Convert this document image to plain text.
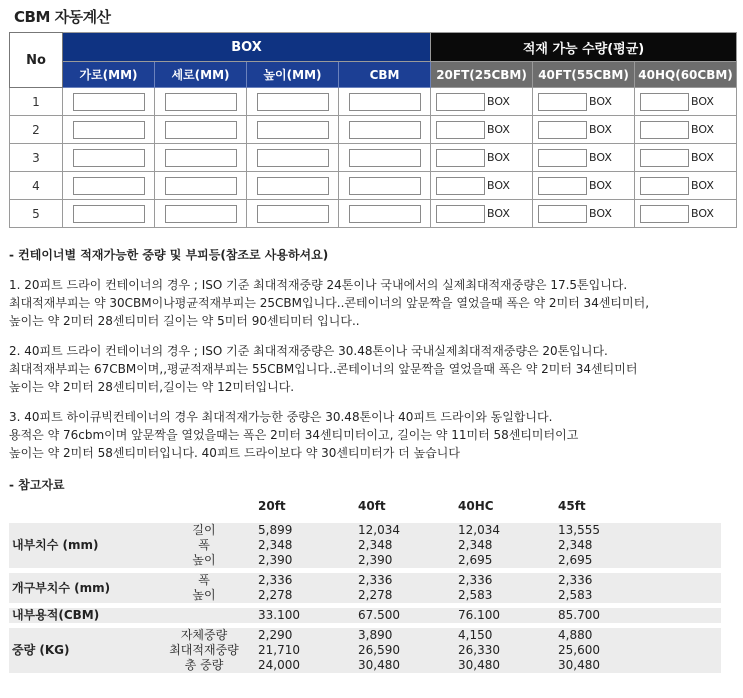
CBM 자동계산
No	BOX				적재 가능 수량(평균)		
	가로(MM)	세로(MM)	높이(MM)	CBM	20FT(25CBM)	40FT(55CBM)	40HQ(60CBM)
1					BOX	BOX	BOX
2					BOX	BOX	BOX
3					BOX	BOX	BOX
4					BOX	BOX	BOX
5					BOX	BOX	BOX
- 컨테이너별 적재가능한 중량 및 부피등(참조로 사용하셔요)
1. 20피트 드라이 컨테이너의 경우 ; ISO 기준 최대적재중량 24톤이나 국내에서의 실제최대적재중량은 17.5톤입니다.
최대적재부피는 약 30CBM이나평균적재부피는 25CBM입니다..콘테이너의 앞문짝을 열었을때 폭은 약 2미터 34센티미터,
높이는 약 2미터 28센티미터 길이는 약 5미터 90센티미터 입니다..
2. 40피트 드라이 컨테이너의 경우 ; ISO 기준 최대적재중량은 30.48톤이나 국내실제최대적재중량은 20톤입니다.
최대적재부피는 67CBM이며,,평균적재부피는 55CBM입니다..콘테이너의 앞문짝을 열었을때 폭은 약 2미터 34센티미터
높이는 약 2미터 28센티미터,길이는 약 12미터입니다.
3. 40피트 하이큐빅컨테이너의 경우 최대적재가능한 중량은 30.48톤이나 40피트 드라이와 동일합니다.
용적은 약 76cbm이며 앞문짝을 열었을때는 폭은 2미터 34센티미터이고, 길이는 약 11미터 58센티미터이고
높이는 약 2미터 58센티미터입니다. 40피트 드라이보다 약 30센티미터가 더 높습니다
- 참고자료
		20ft	40ft	40HC	45ft

내부치수 (mm)	길이	5,899	12,034	12,034	13,555
	폭	2,348	2,348	2,348	2,348
	높이	2,390	2,390	2,695	2,695

개구부치수 (mm)	폭	2,336	2,336	2,336	2,336
	높이	2,278	2,278	2,583	2,583

내부용적(CBM)		33.100	67.500	76.100	85.700

중량 (KG)	자체중량	2,290	3,890	4,150	4,880
	최대적재중량	21,710	26,590	26,330	25,600
	총 중량	24,000	30,480	30,480	30,480
